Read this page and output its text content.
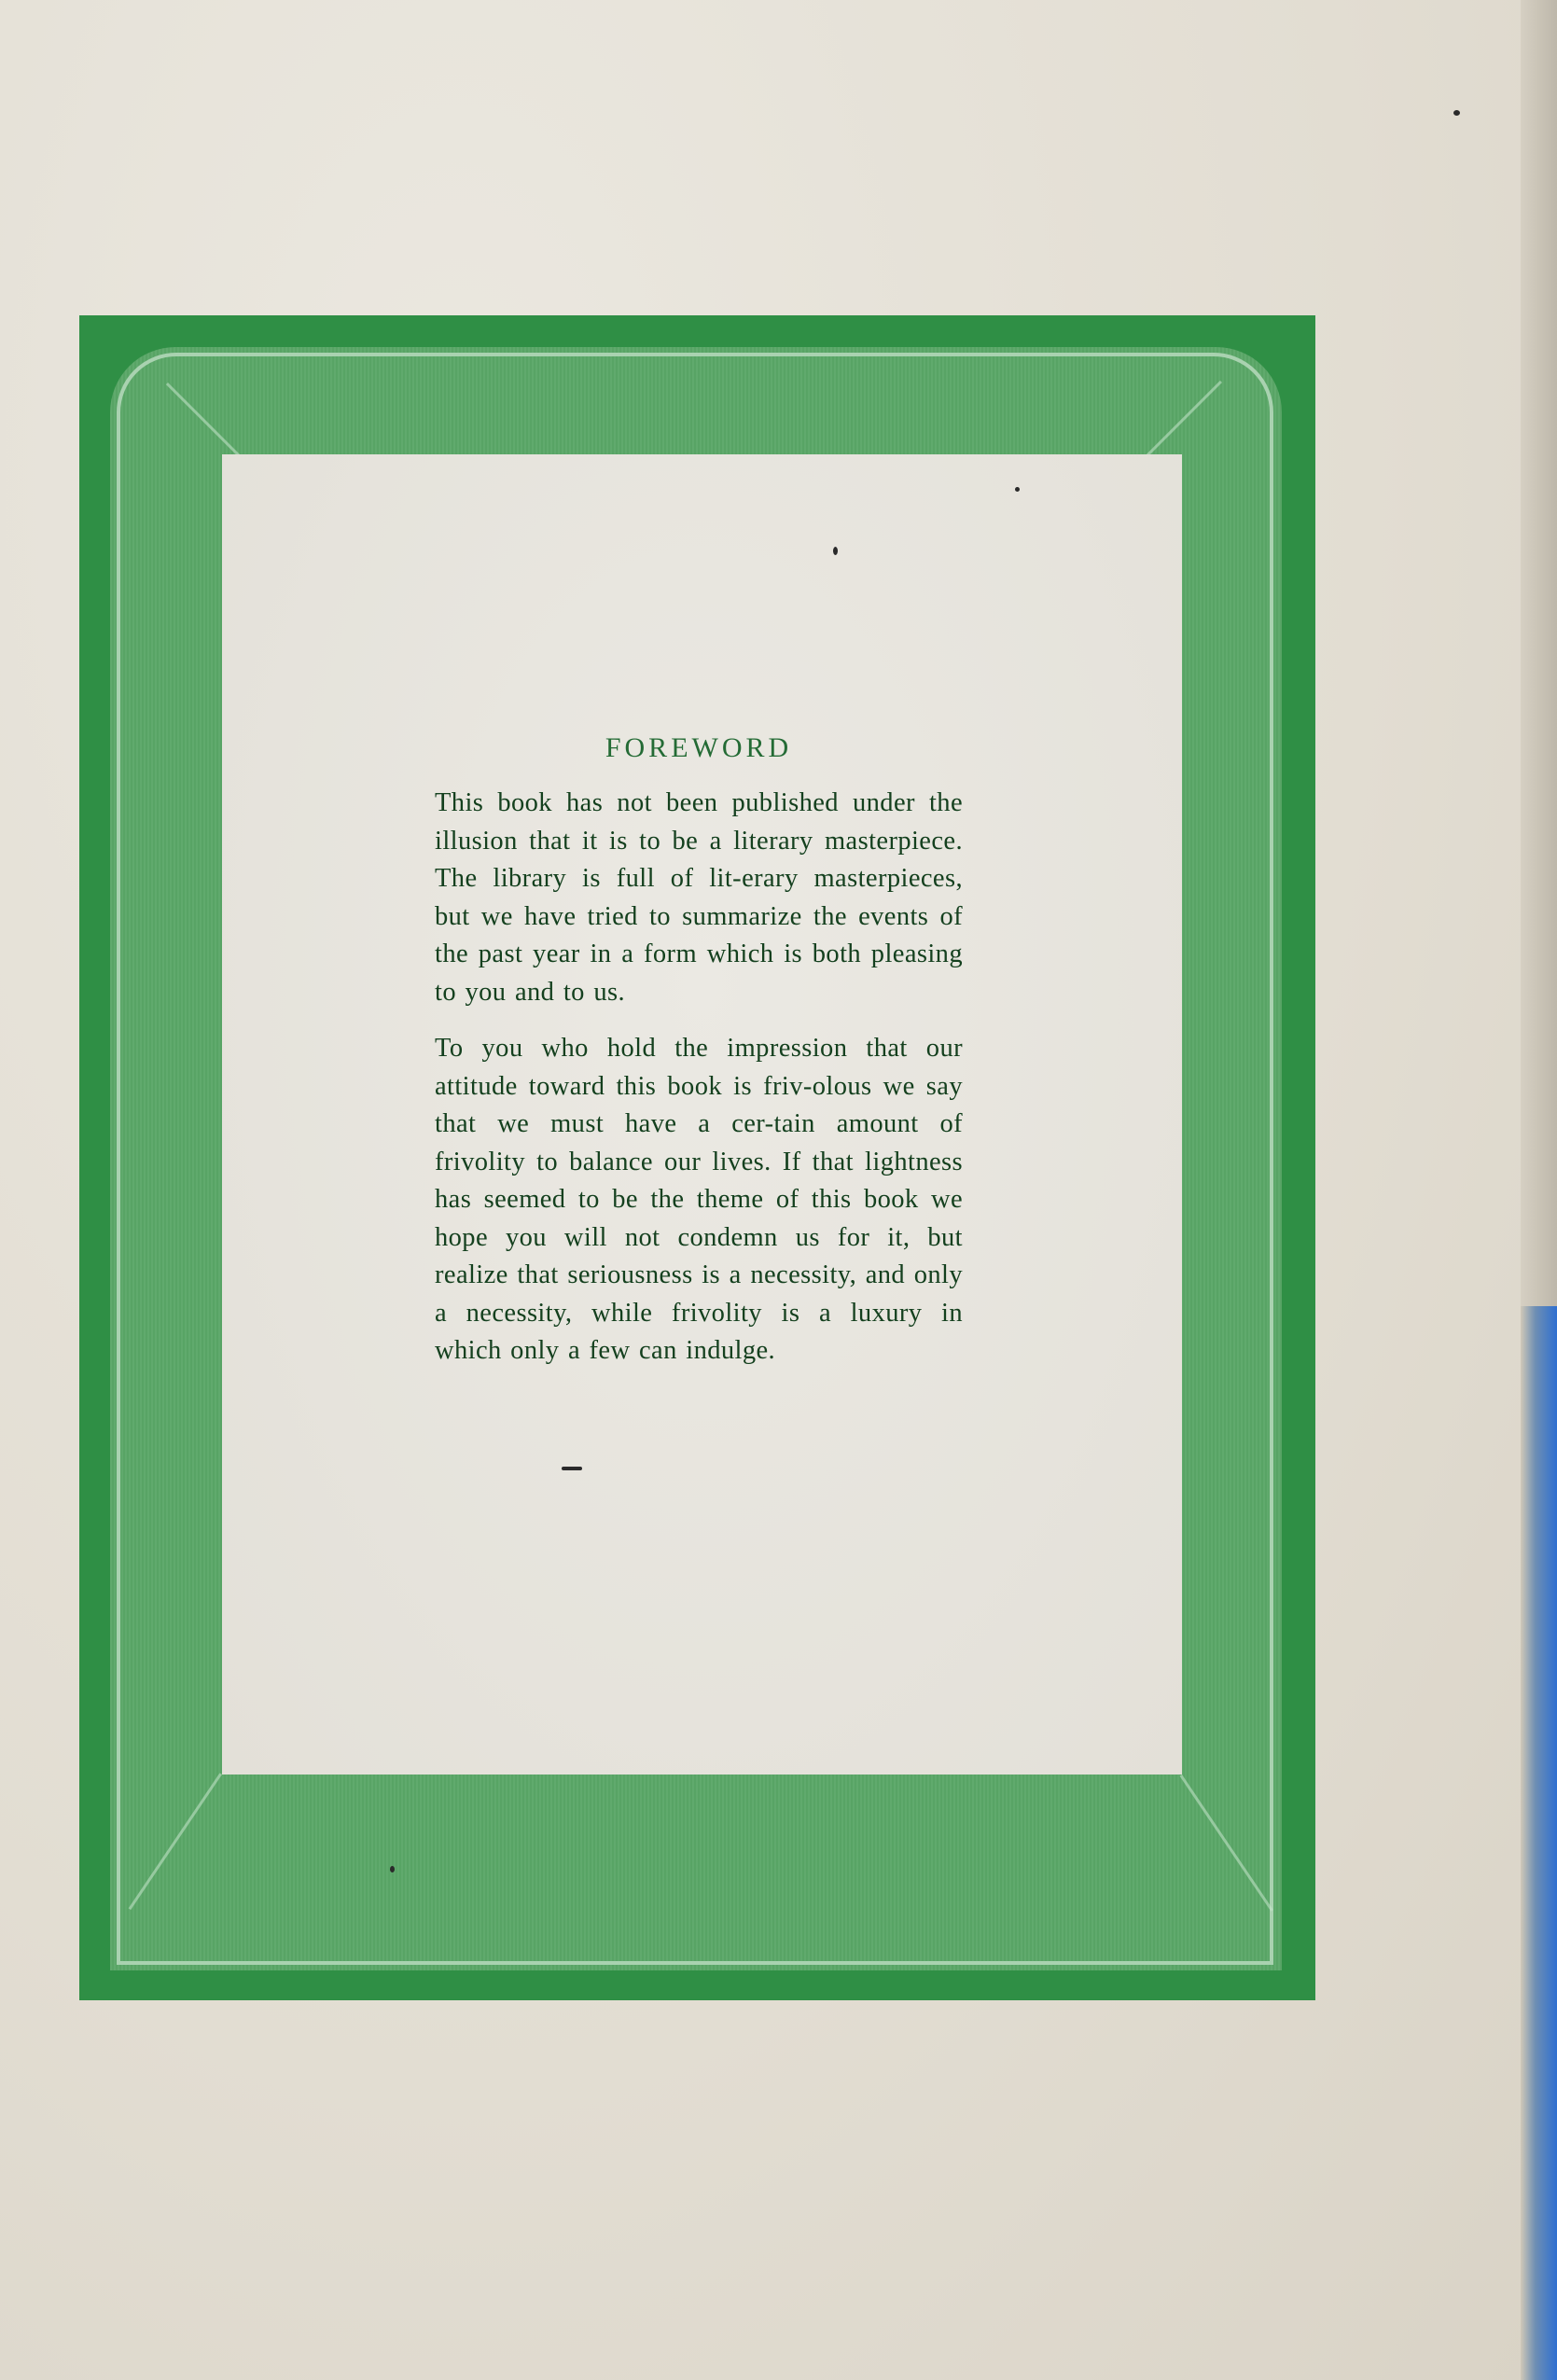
FOREWORD

This book has not been published under the illusion that it is to be a literary masterpiece. The library is full of lit-erary masterpieces, but we have tried to summarize the events of the past year in a form which is both pleasing to you and to us.

To you who hold the impression that our attitude toward this book is friv-olous we say that we must have a cer-tain amount of frivolity to balance our lives. If that lightness has seemed to be the theme of this book we hope you will not condemn us for it, but realize that seriousness is a necessity, and only a necessity, while frivolity is a luxury in which only a few can indulge.
